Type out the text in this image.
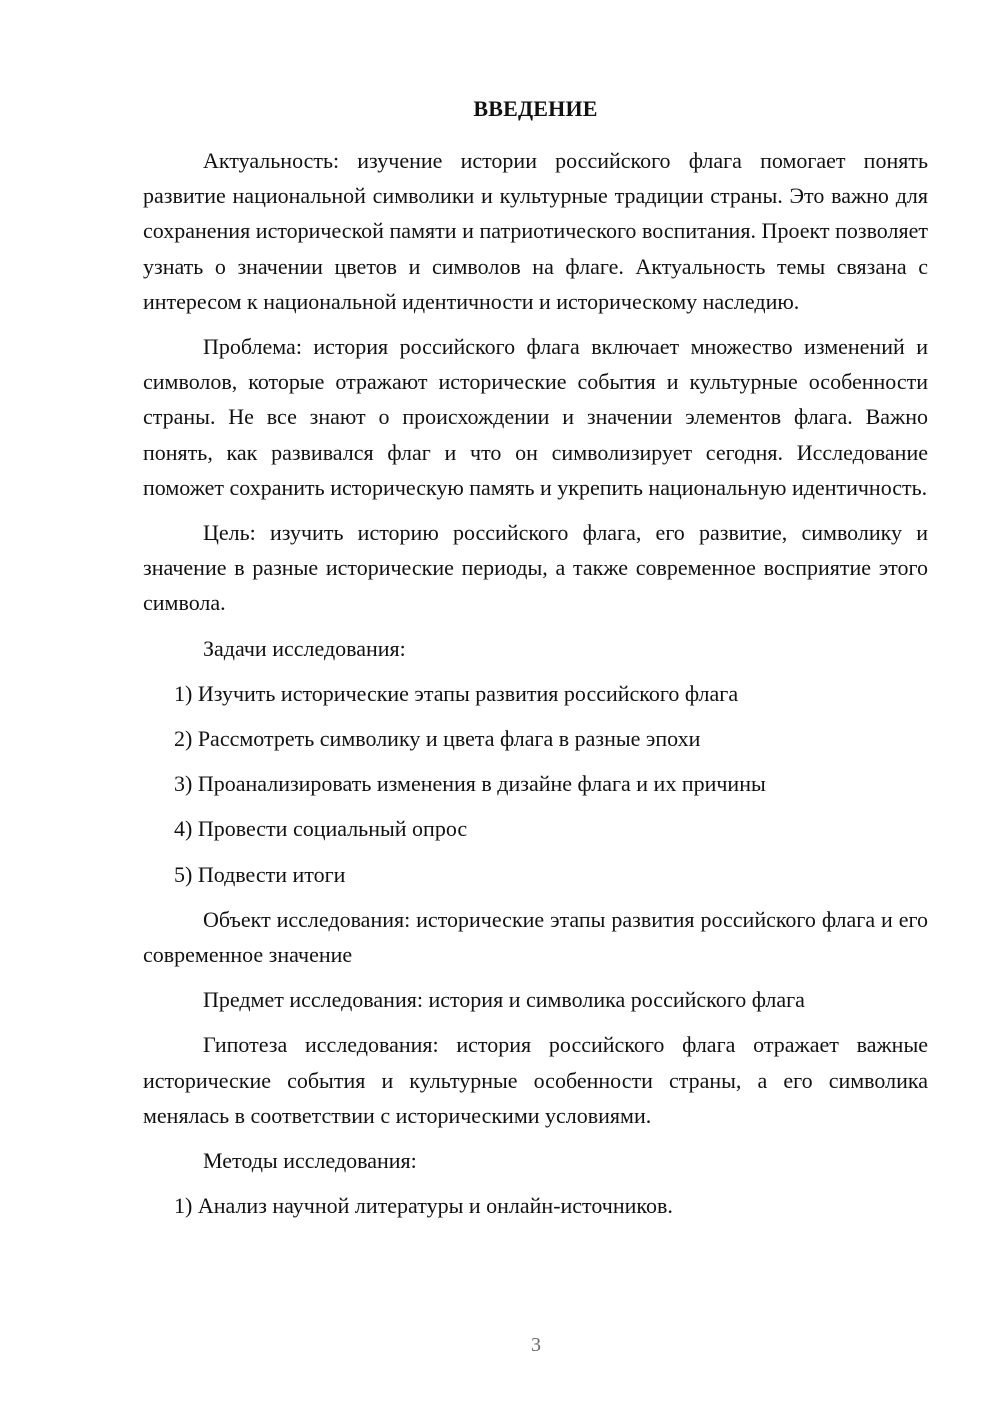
ВВЕДЕНИЕ

Актуальность: изучение истории российского флага помогает понять развитие национальной символики и культурные традиции страны. Это важно для сохранения исторической памяти и патриотического воспитания. Проект позволяет узнать о значении цветов и символов на флаге. Актуальность темы связана с интересом к национальной идентичности и историческому наследию.

Проблема: история российского флага включает множество изменений и символов, которые отражают исторические события и культурные особенности страны. Не все знают о происхождении и значении элементов флага. Важно понять, как развивался флаг и что он символизирует сегодня. Исследование поможет сохранить историческую память и укрепить национальную идентичность.

Цель: изучить историю российского флага, его развитие, символику и значение в разные исторические периоды, а также современное восприятие этого символа.

Задачи исследования:

1) Изучить исторические этапы развития российского флага
2) Рассмотреть символику и цвета флага в разные эпохи
3) Проанализировать изменения в дизайне флага и их причины
4) Провести социальный опрос
5) Подвести итоги

Объект исследования: исторические этапы развития российского флага и его современное значение

Предмет исследования: история и символика российского флага

Гипотеза исследования: история российского флага отражает важные исторические события и культурные особенности страны, а его символика менялась в соответствии с историческими условиями.

Методы исследования:

1) Анализ научной литературы и онлайн-источников.
3
